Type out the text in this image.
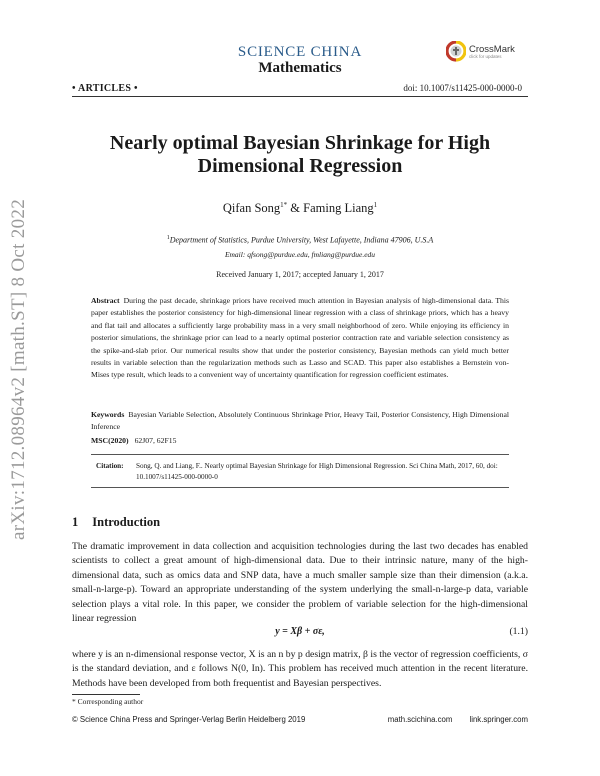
arXiv:1712.08964v2 [math.ST] 8 Oct 2022
SCIENCE CHINA
Mathematics
CrossMark
click for updates
• ARTICLES •	doi: 10.1007/s11425-000-0000-0
Nearly optimal Bayesian Shrinkage for High Dimensional Regression
Qifan Song$^{1*}$ & Faming Liang$^1$
$^1$Department of Statistics, Purdue University, West Lafayette, Indiana 47906, U.S.A
Email: qfsong@purdue.edu, fmliang@purdue.edu
Received January 1, 2017; accepted January 1, 2017
Abstract During the past decade, shrinkage priors have received much attention in Bayesian analysis of high-dimensional data. This paper establishes the posterior consistency for high-dimensional linear regression with a class of shrinkage priors, which has a heavy and flat tail and allocates a sufficiently large probability mass in a very small neighborhood of zero. While enjoying its efficiency in posterior simulations, the shrinkage prior can lead to a nearly optimal posterior contraction rate and variable selection consistency as the spike-and-slab prior. Our numerical results show that under the posterior consistency, Bayesian methods can yield much better results in variable selection than the regularization methods such as Lasso and SCAD. This paper also establishes a Bernstein von-Mises type result, which leads to a convenient way of uncertainty quantification for regression coefficient estimates.
Keywords Bayesian Variable Selection, Absolutely Continuous Shrinkage Prior, Heavy Tail, Posterior Consistency, High Dimensional Inference
MSC(2020) 62J07, 62F15
Citation:	Song, Q. and Liang, F.. Nearly optimal Bayesian Shrinkage for High Dimensional Regression. Sci China Math, 2017, 60, doi: 10.1007/s11425-000-0000-0
1 Introduction

The dramatic improvement in data collection and acquisition technologies during the last two decades has enabled scientists to collect a great amount of high-dimensional data. Due to their intrinsic nature, many of the high-dimensional data, such as omics data and SNP data, have a much smaller sample size than their dimension (a.k.a. small-n-large-p). Toward an appropriate understanding of the system underlying the small-n-large-p data, variable selection plays a vital role. In this paper, we consider the problem of variable selection for the high-dimensional linear regression

y = Xβ + σε,	(1.1)

where y is an n-dimensional response vector, X is an n by p design matrix, β is the vector of regression coefficients, σ is the standard deviation, and ε follows N(0, In). This problem has received much attention in the recent literature. Methods have been developed from both frequentist and Bayesian perspectives.

* Corresponding author
© Science China Press and Springer-Verlag Berlin Heidelberg 2019	math.scichina.com link.springer.com
